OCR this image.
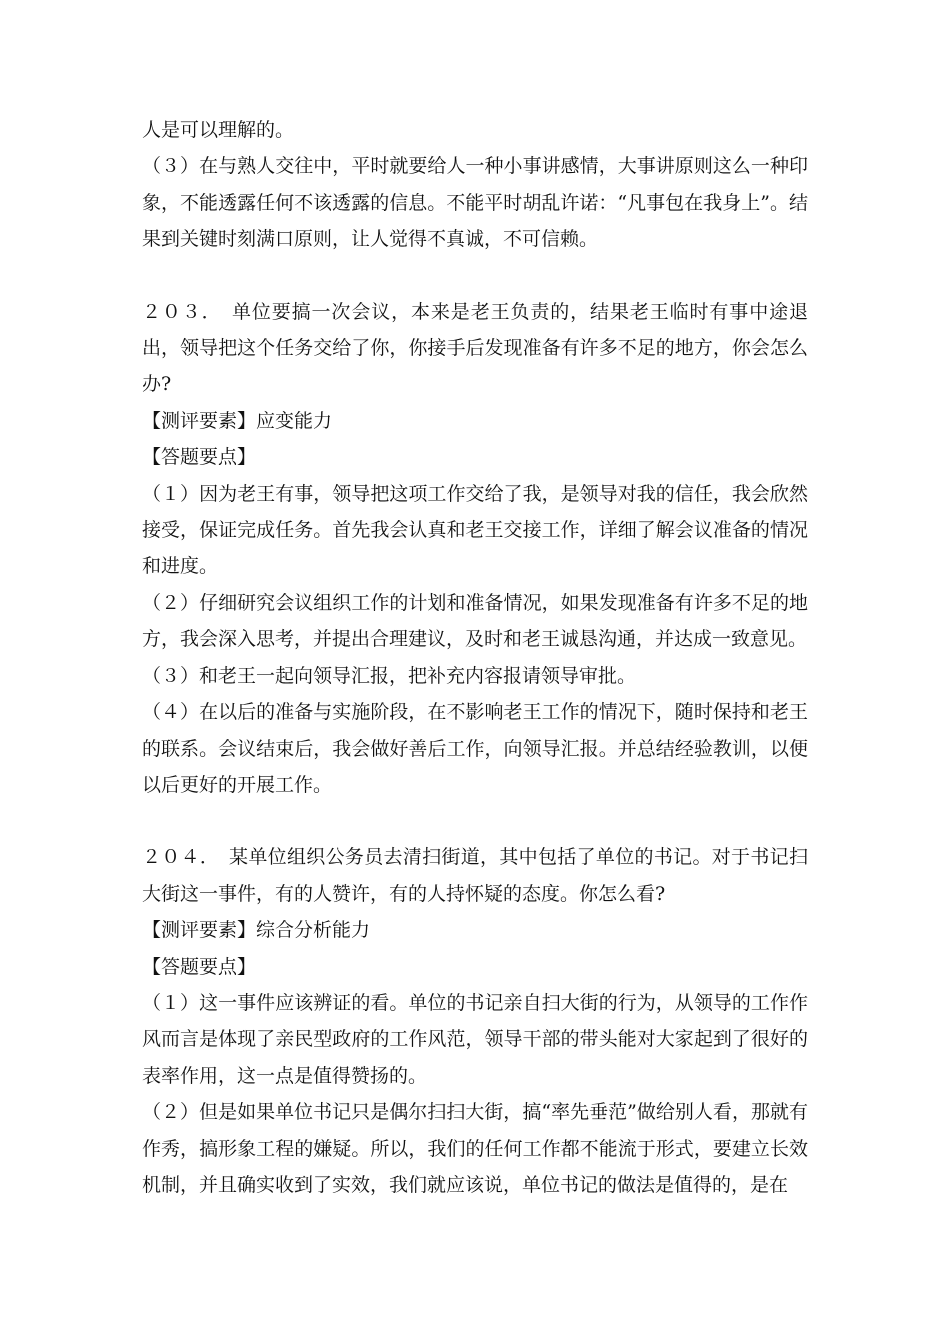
人是可以理解的。

（３）在与熟人交往中，平时就要给人一种小事讲感情，大事讲原则这么一种印象，不能透露任何不该透露的信息。不能平时胡乱许诺：“凡事包在我身上”。结果到关键时刻满口原则，让人觉得不真诚，不可信赖。

２０３．　单位要搞一次会议，本来是老王负责的，结果老王临时有事中途退出，领导把这个任务交给了你，你接手后发现准备有许多不足的地方，你会怎么办?

【测评要素】应变能力

【答题要点】

（１）因为老王有事，领导把这项工作交给了我，是领导对我的信任，我会欣然接受，保证完成任务。首先我会认真和老王交接工作，详细了解会议准备的情况和进度。

（２）仔细研究会议组织工作的计划和准备情况，如果发现准备有许多不足的地方，我会深入思考，并提出合理建议，及时和老王诚恳沟通，并达成一致意见。

（３）和老王一起向领导汇报，把补充内容报请领导审批。

（４）在以后的准备与实施阶段，在不影响老王工作的情况下，随时保持和老王的联系。会议结束后，我会做好善后工作，向领导汇报。并总结经验教训，以便以后更好的开展工作。

２０４．　某单位组织公务员去清扫街道，其中包括了单位的书记。对于书记扫大街这一事件，有的人赞许，有的人持怀疑的态度。你怎么看?

【测评要素】综合分析能力

【答题要点】

（１）这一事件应该辨证的看。单位的书记亲自扫大街的行为，从领导的工作作风而言是体现了亲民型政府的工作风范，领导干部的带头能对大家起到了很好的表率作用，这一点是值得赞扬的。

（２）但是如果单位书记只是偶尔扫扫大街，搞“率先垂范”做给别人看，那就有作秀，搞形象工程的嫌疑。所以，我们的任何工作都不能流于形式，要建立长效机制，并且确实收到了实效，我们就应该说，单位书记的做法是值得的，是在
